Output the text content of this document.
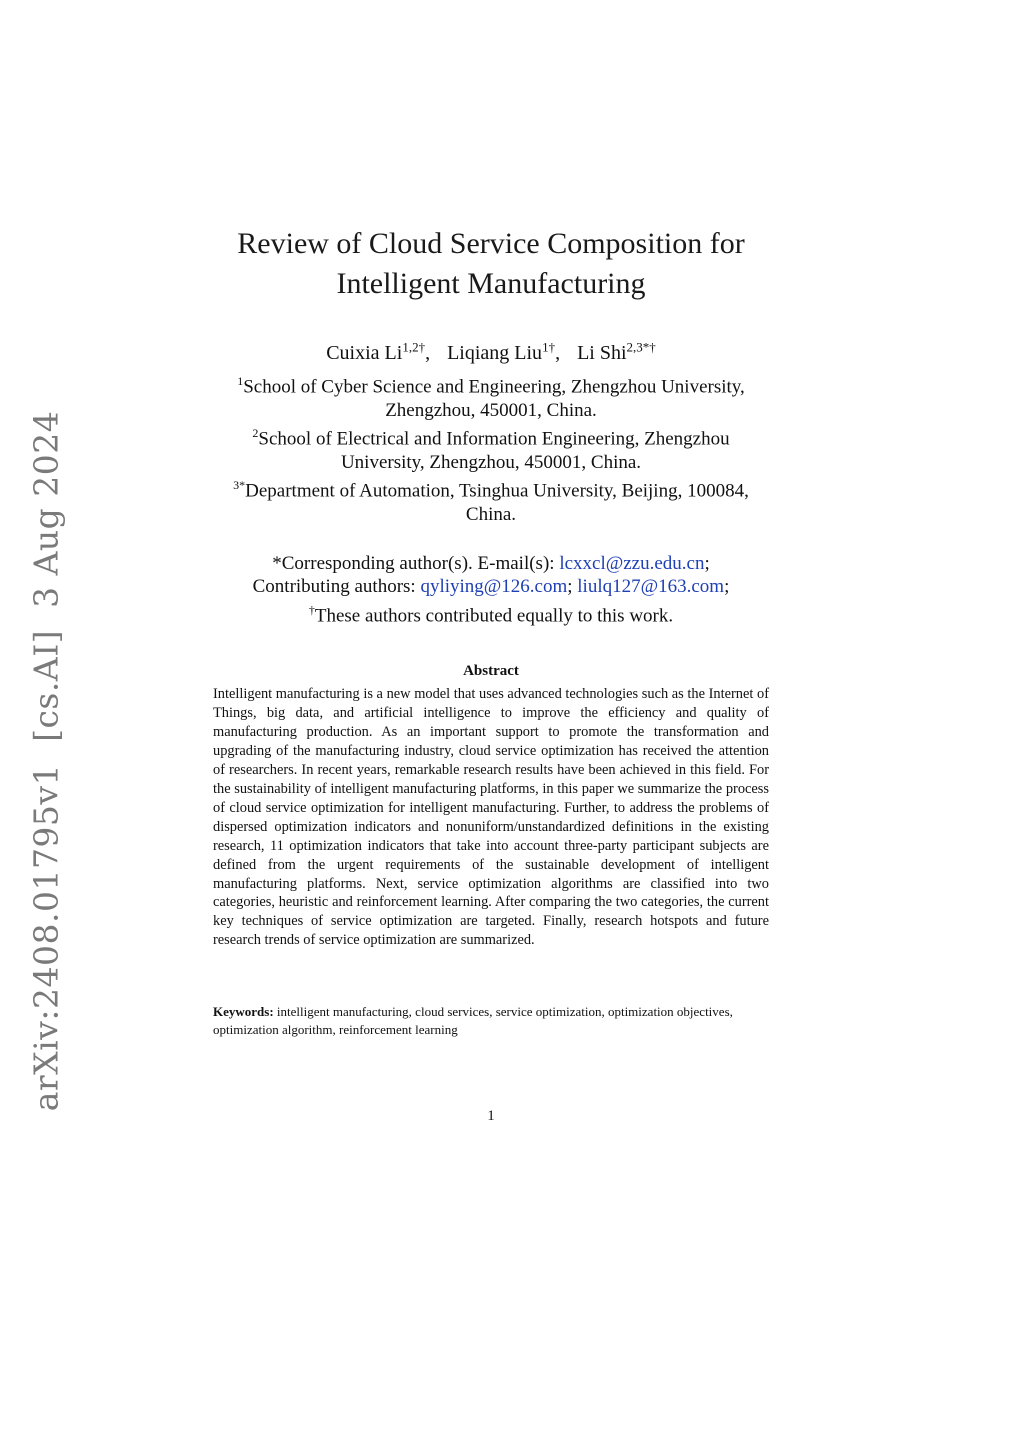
arXiv:2408.01795v1[cs.AI]3 Aug 2024
Review of Cloud Service Composition for
Intelligent Manufacturing
Cuixia $Li^{1,2\dagger}$, Liqiang Liu$^{1\dagger}$, Li Shi$^{2,3*\dagger}$
$^1$School of Cyber Science and Engineering, Zhengzhou University,
Zhengzhou, 450001, China.
$^2$School of Electrical and Information Engineering, Zhengzhou
University, Zhengzhou, 450001, China.
$^{3*}$Department of Automation, Tsinghua University, Beijing, 100084,
China.
*Corresponding author(s). E-mail(s): lcxxcl@zzu.edu.cn;
Contributing authors: qyliying@126.com; liulq127@163.com;
†These authors contributed equally to this work.
Abstract
Intelligent manufacturing is a new model that uses advanced technologies such as the Internet of Things, big data, and artificial intelligence to improve the efficiency and quality of manufacturing production. As an important support to promote the transformation and upgrading of the manufacturing industry, cloud service optimization has received the attention of researchers. In recent years, remarkable research results have been achieved in this field. For the sustainability of intelligent manufacturing platforms, in this paper we summarize the process of cloud service optimization for intelligent manufacturing. Further, to address the problems of dispersed optimization indicators and nonuniform/unstandardized definitions in the existing research, 11 optimization indicators that take into account three-party participant subjects are defined from the urgent requirements of the sustainable development of intelligent manufacturing platforms. Next, service optimization algorithms are classified into two categories, heuristic and reinforcement learning. After comparing the two categories, the current key techniques of service optimization are targeted. Finally, research hotspots and future research trends of service optimization are summarized.
Keywords: intelligent manufacturing, cloud services, service optimization, optimization objectives, optimization algorithm, reinforcement learning
1
